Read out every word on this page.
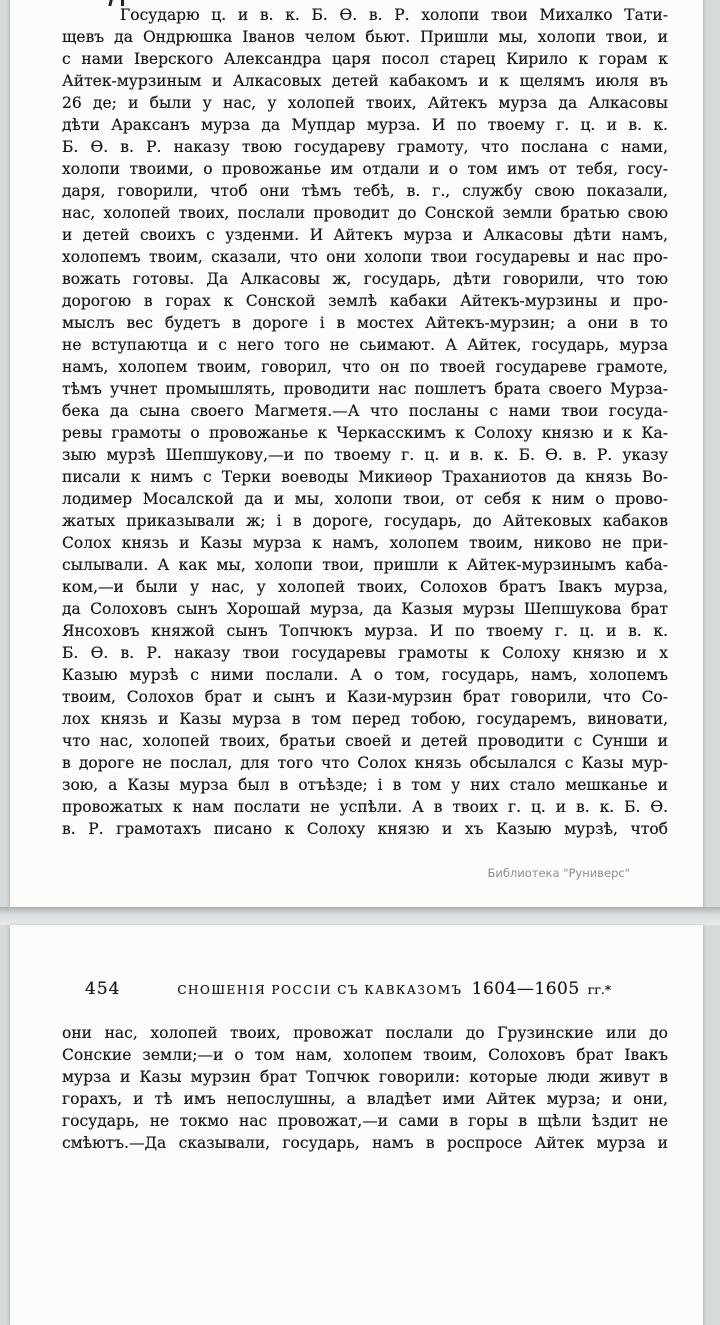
Государю ц. и в. к. Б. Ѳ. в. Р. холопи твои Михалко Тати-
щевъ да Ондрюшка Іванов челом бьют. Пришли мы, холопи твои, и
с нами Іверского Александра царя посол старец Кирило к горам к
Айтек-мурзиным и Алкасовых детей кабакомъ и к щелямъ июля въ
26 де; и были у нас, у холопей твоих, Айтекъ мурза да Алкасовы
дѣти Араксанъ мурза да Мупдар мурза. И по твоему г. ц. и в. к.
Б. Ѳ. в. Р. наказу твою государеву грамоту, что послана с нами,
холопи твоими, о провожанье им отдали и о том имъ от тебя, госу-
даря, говорили, чтоб они тѣмъ тебѣ, в. г., службу свою показали,
нас, холопей твоих, послали проводит до Сонской земли братью свою
и детей своихъ с узденми. И Айтекъ мурза и Алкасовы дѣти намъ,
холопемъ твоим, сказали, что они холопи твои государевы и нас про-
вожать готовы. Да Алкасовы ж, государь, дѣти говорили, что тою
дорогою в горах к Сонской землѣ кабаки Айтекъ-мурзины и про-
мыслъ вес будетъ в дороге і в мостех Айтекъ-мурзин; а они в то
не вступаютца и с него того не сьимают. А Айтек, государь, мурза
намъ, холопем твоим, говорил, что он по твоей государеве грамоте,
тѣмъ учнет промышлять, проводити нас пошлетъ брата своего Мурза-
бека да сына своего Магметя.—А что посланы с нами твои госуда-
ревы грамоты о провожанье к Черкасскимъ к Солоху князю и к Ка-
зыю мурзѣ Шепшукову,—и по твоему г. ц. и в. к. Б. Ѳ. в. Р. указу
писали к нимъ с Терки воеводы Микиѳор Траханиотов да князь Во-
лодимер Мосалской да и мы, холопи твои, от себя к ним о прово-
жатых приказывали ж; і в дороге, государь, до Айтековых кабаков
Солох князь и Казы мурза к намъ, холопем твоим, никово не при-
сылывали. А как мы, холопи твои, пришли к Айтек-мурзинымъ каба-
ком,—и были у нас, у холопей твоих, Солохов братъ Івакъ мурза,
да Солоховъ сынъ Хорошай мурза, да Казыя мурзы Шепшукова брат
Янсоховъ княжой сынъ Топчюкъ мурза. И по твоему г. ц. и в. к.
Б. Ѳ. в. Р. наказу твои государевы грамоты к Солоху князю и х
Казыю мурзѣ с ними послали. А о том, государь, намъ, холопемъ
твоим, Солохов брат и сынъ и Кази-мурзин брат говорили, что Со-
лох князь и Казы мурза в том перед тобою, государемъ, виновати,
что нас, холопей твоих, братьи своей и детей проводити с Сунши и
в дороге не послал, для того что Солох князь обсылался с Казы мур-
зою, а Казы мурза был в отъѣзде; і в том у них стало мешканье и
провожатых к нам послати не успѣли. А в твоих г. ц. и в. к. Б. Ѳ.
в. Р. грамотахъ писано к Солоху князю и хъ Казыю мурзѣ, чтоб
Библиотека "Руниверс"
454	СНОШЕНІЯ РОССІИ СЪ КАВКАЗОМЪ 1604—1605 гг.*
они нас, холопей твоих, провожат послали до Грузинские или до
Сонские земли;—и о том нам, холопем твоим, Солоховъ брат Івакъ
мурза и Казы мурзин брат Топчюк говорили: которые люди живут в
горахъ, и тѣ имъ непослушны, а владѣет ими Айтек мурза; и они,
государь, не токмо нас провожат,—и сами в горы в щѣли ѣздит не
смѣютъ.—Да сказывали, государь, намъ в роспросе Айтек мурза и
